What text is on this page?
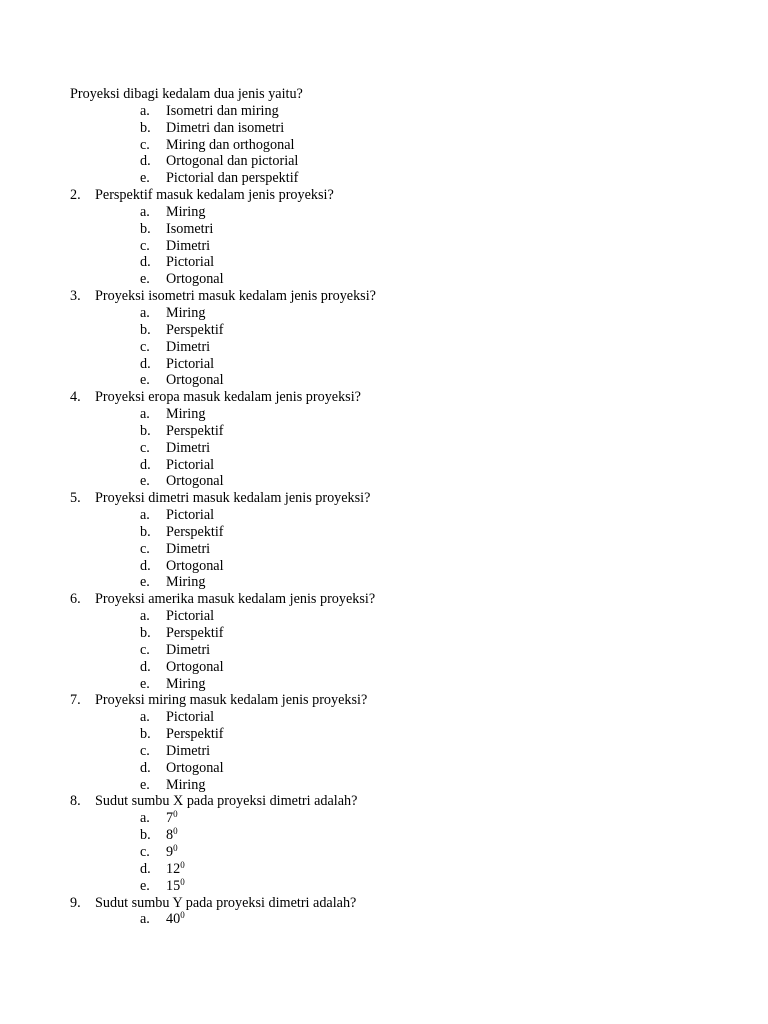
Proyeksi dibagi kedalam dua jenis yaitu?
a. Isometri dan miring
b. Dimetri dan isometri
c. Miring dan orthogonal
d. Ortogonal dan pictorial
e. Pictorial dan perspektif
2. Perspektif masuk kedalam jenis proyeksi?
a. Miring
b. Isometri
c. Dimetri
d. Pictorial
e. Ortogonal
3. Proyeksi isometri masuk kedalam jenis proyeksi?
a. Miring
b. Perspektif
c. Dimetri
d. Pictorial
e. Ortogonal
4. Proyeksi eropa masuk kedalam jenis proyeksi?
a. Miring
b. Perspektif
c. Dimetri
d. Pictorial
e. Ortogonal
5. Proyeksi dimetri masuk kedalam jenis proyeksi?
a. Pictorial
b. Perspektif
c. Dimetri
d. Ortogonal
e. Miring
6. Proyeksi amerika masuk kedalam jenis proyeksi?
a. Pictorial
b. Perspektif
c. Dimetri
d. Ortogonal
e. Miring
7. Proyeksi miring masuk kedalam jenis proyeksi?
a. Pictorial
b. Perspektif
c. Dimetri
d. Ortogonal
e. Miring
8. Sudut sumbu X pada proyeksi dimetri adalah?
a. $7^0$
b. $8^0$
c. $9^0$
d. $12^0$
e. $15^0$
9. Sudut sumbu Y pada proyeksi dimetri adalah?
a. $40^0$
